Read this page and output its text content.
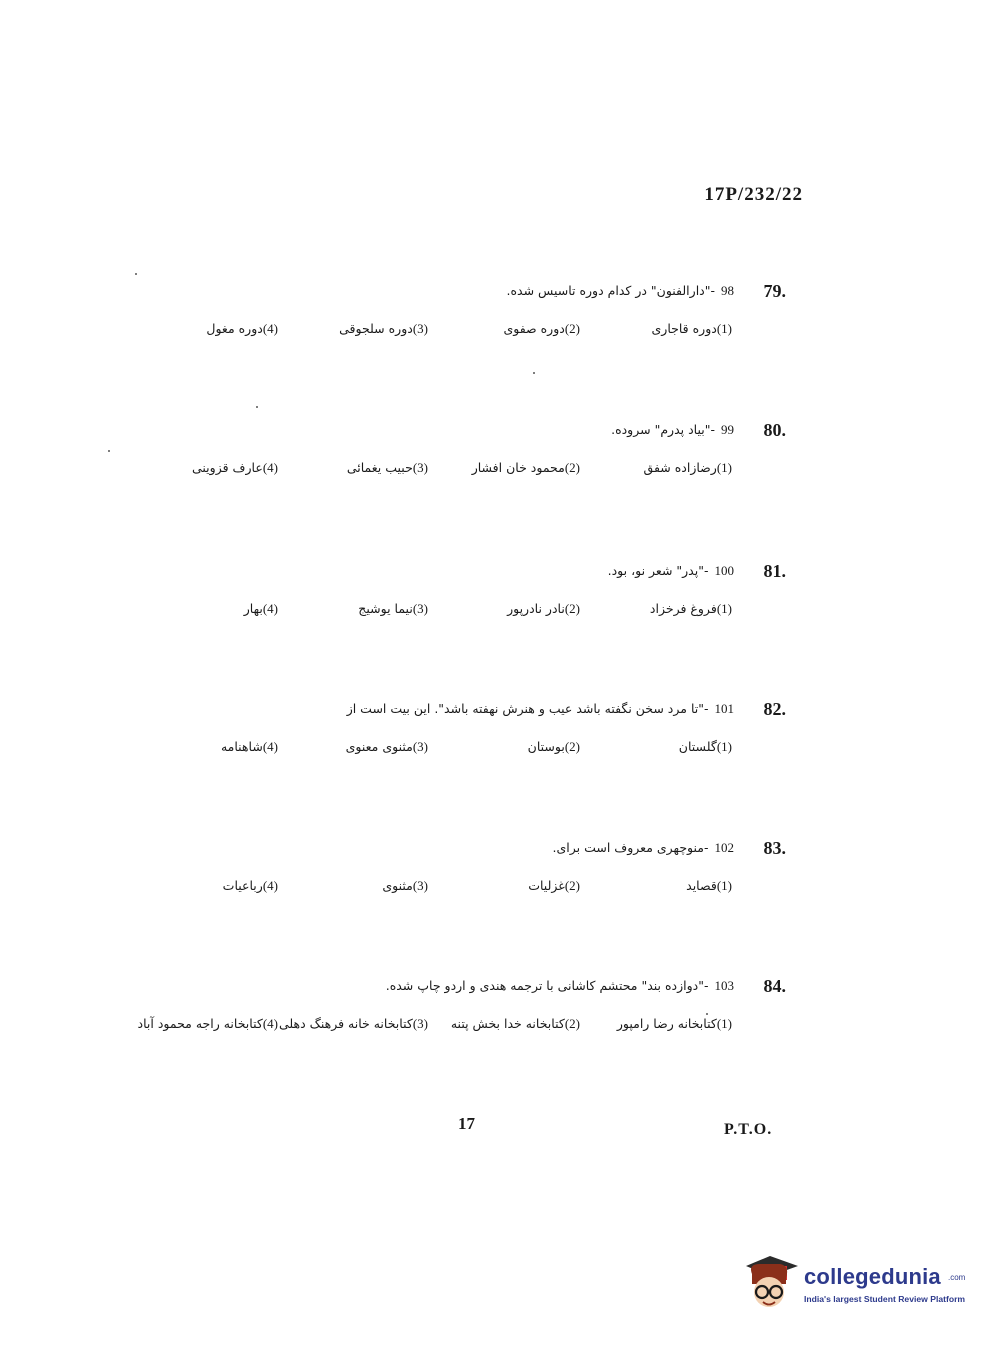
17P/232/22
79.
98-"دارالفنون" در کدام دوره تاسیس شده.
(1)دوره قاجاری
(2)دوره صفوی
(3)دوره سلجوقی
(4)دوره مغول
80.
99-"بیاد پدرم" سروده.
(1)رضازاده شفق
(2)محمود خان افشار
(3)حبیب یغمائی
(4)عارف قزوینی
81.
100-"پدر" شعر نو، بود.
(1)فروغ فرخزاد
(2)نادر نادرپور
(3)نیما یوشیج
(4)بهار
82.
101-"تا مرد سخن نگفته باشد عیب و هنرش نهفته باشد". این بیت است از
(1)گلستان
(2)بوستان
(3)مثنوی معنوی
(4)شاهنامه
83.
102-منوچهری معروف است برای.
(1)قصاید
(2)غزلیات
(3)مثنوی
(4)رباعیات
84.
103-"دوازده بند" محتشم کاشانی با ترجمه هندی و اردو چاپ شده.
(1)کتابخانه رضا رامپور
(2)کتابخانه خدا بخش پتنه
(3)کتابخانه خانه فرهنگ دهلی
(4)کتابخانه راجه محمود آباد
17	P.T.O.
collegedunia .com
India's largest Student Review Platform
